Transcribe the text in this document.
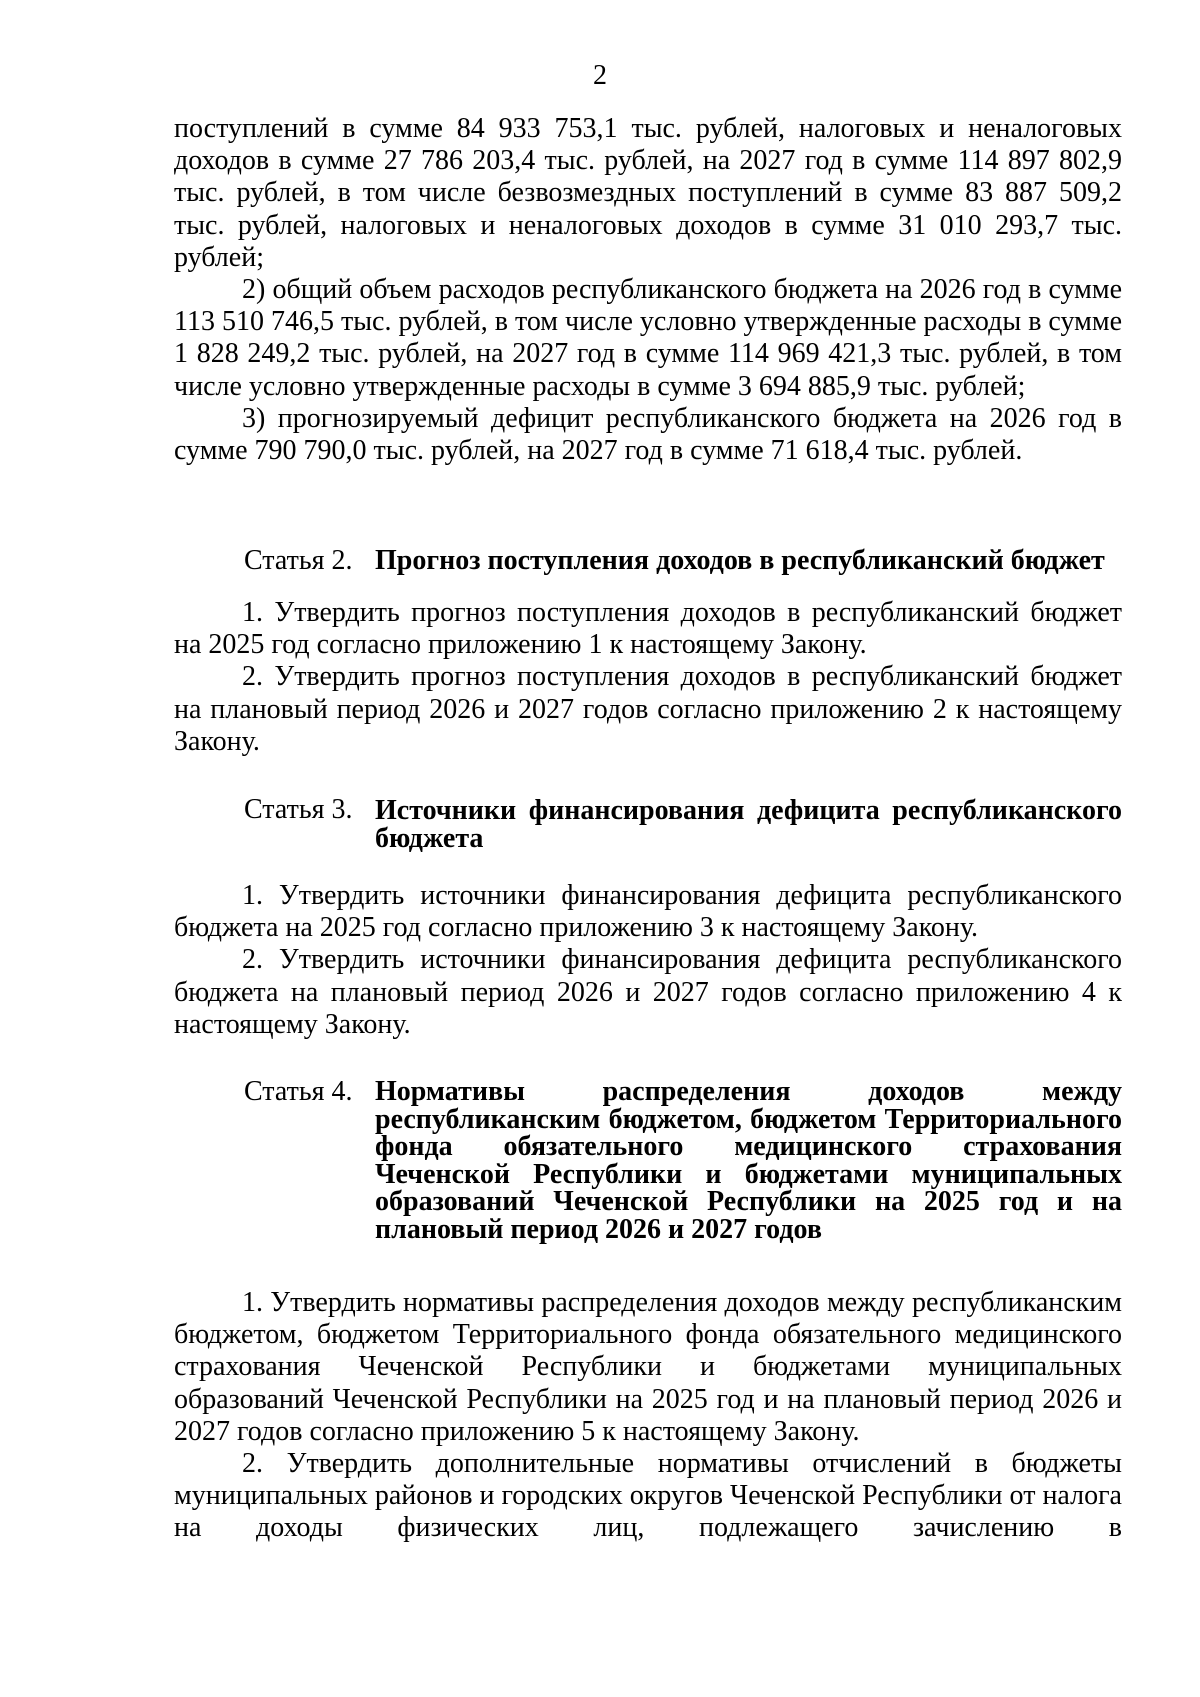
2

поступлений в сумме 84 933 753,1 тыс. рублей, налоговых и неналоговых доходов в сумме 27 786 203,4 тыс. рублей, на 2027 год в сумме 114 897 802,9 тыс. рублей, в том числе безвозмездных поступлений в сумме 83 887 509,2 тыс. рублей, налоговых и неналоговых доходов в сумме 31 010 293,7 тыс. рублей;

2) общий объем расходов республиканского бюджета на 2026 год в сумме 113 510 746,5 тыс. рублей, в том числе условно утвержденные расходы в сумме 1 828 249,2 тыс. рублей, на 2027 год в сумме 114 969 421,3 тыс. рублей, в том числе условно утвержденные расходы в сумме 3 694 885,9 тыс. рублей;

3) прогнозируемый дефицит республиканского бюджета на 2026 год в сумме 790 790,0 тыс. рублей, на 2027 год в сумме 71 618,4 тыс. рублей.

Статья 2. Прогноз поступления доходов в республиканский бюджет

1. Утвердить прогноз поступления доходов в республиканский бюджет на 2025 год согласно приложению 1 к настоящему Закону.

2. Утвердить прогноз поступления доходов в республиканский бюджет на плановый период 2026 и 2027 годов согласно приложению 2 к настоящему Закону.

Статья 3. Источники финансирования дефицита республиканского бюджета

1. Утвердить источники финансирования дефицита республиканского бюджета на 2025 год согласно приложению 3 к настоящему Закону.

2. Утвердить источники финансирования дефицита республиканского бюджета на плановый период 2026 и 2027 годов согласно приложению 4 к настоящему Закону.

Статья 4. Нормативы распределения доходов между республиканским бюджетом, бюджетом Территориального фонда обязательного медицинского страхования Чеченской Республики и бюджетами муниципальных образований Чеченской Республики на 2025 год и на плановый период 2026 и 2027 годов

1. Утвердить нормативы распределения доходов между республиканским бюджетом, бюджетом Территориального фонда обязательного медицинского страхования Чеченской Республики и бюджетами муниципальных образований Чеченской Республики на 2025 год и на плановый период 2026 и 2027 годов согласно приложению 5 к настоящему Закону.

2. Утвердить дополнительные нормативы отчислений в бюджеты муниципальных районов и городских округов Чеченской Республики от налога на доходы физических лиц, подлежащего зачислению в
